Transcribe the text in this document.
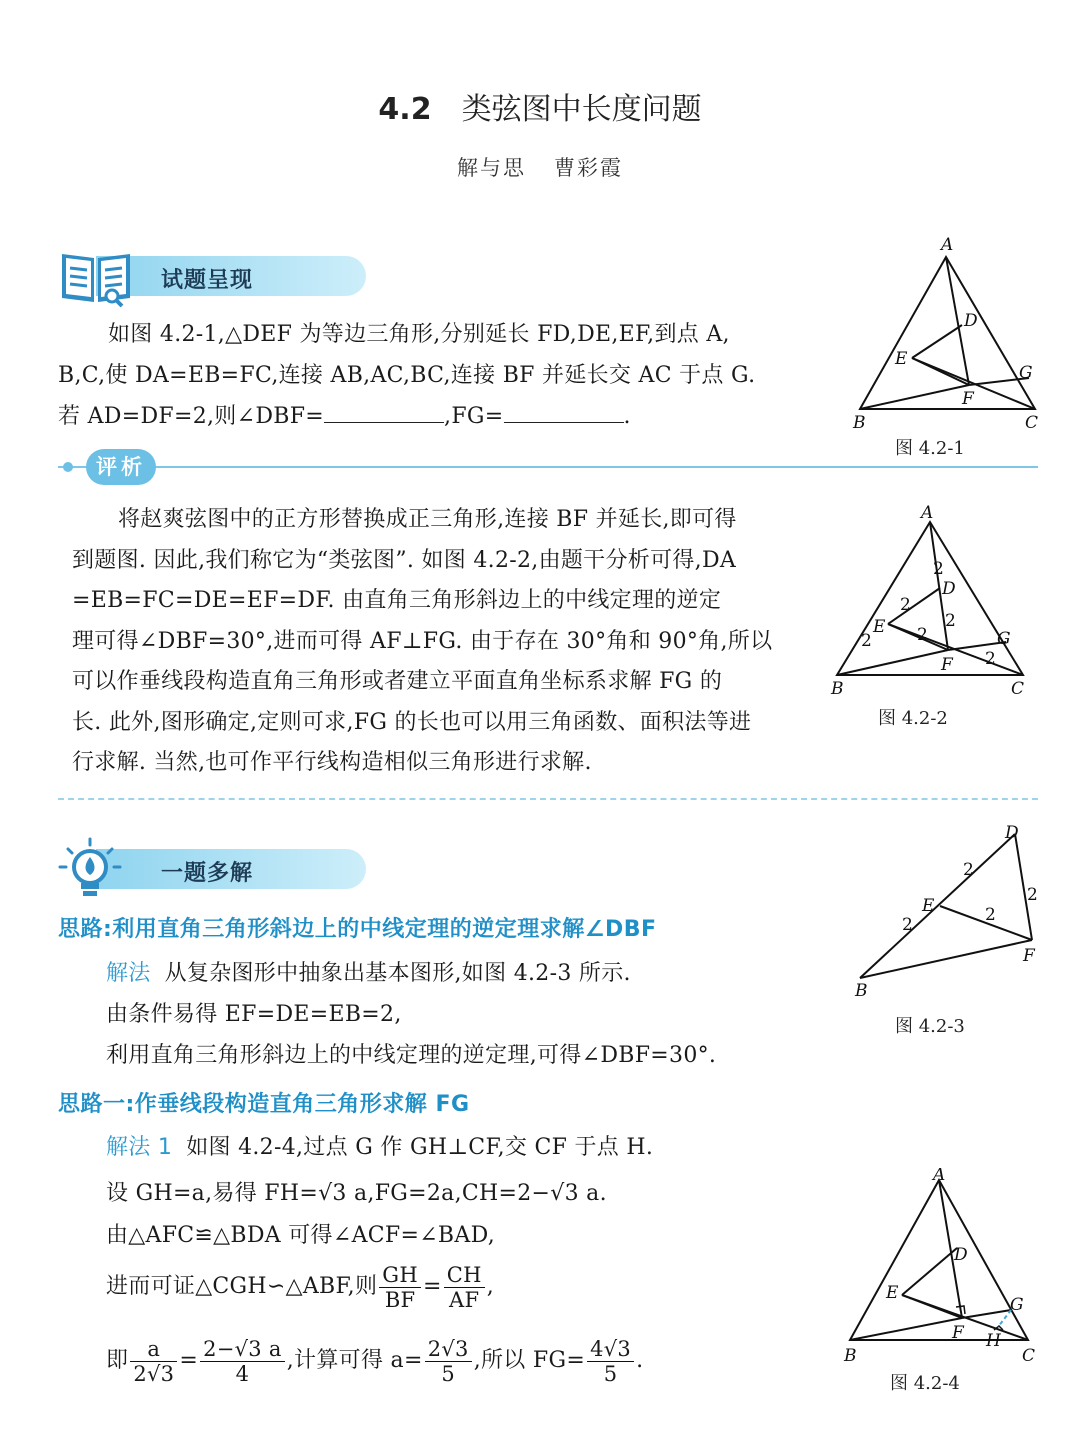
4.2 类弦图中长度问题
解与思 曹彩霞
试题呈现
如图 4.2-1,△DEF 为等边三角形,分别延长 FD,DE,EF,到点 A,
B,C,使 DA=EB=FC,连接 AB,AC,BC,连接 BF 并延长交 AC 于点 G.
若 AD=DF=2,则∠DBF=	,FG=	.
A
B	C
D
E
F
G
图 4.2-1
评析
将赵爽弦图中的正方形替换成正三角形,连接 BF 并延长,即可得
到题图. 因此,我们称它为“类弦图”. 如图 4.2-2,由题干分析可得,DA
=EB=FC=DE=EF=DF. 由直角三角形斜边上的中线定理的逆定
理可得∠DBF=30°,进而可得 AF⊥FG. 由于存在 30°角和 90°角,所以
可以作垂线段构造直角三角形或者建立平面直角坐标系求解 FG 的
长. 此外,图形确定,定则可求,FG 的长也可以用三角函数、面积法等进
行求解. 当然,也可作平行线构造相似三角形进行求解.
A
B	C
D
E
F
G
2
2
2
2
2
2
图 4.2-2
一题多解
思路:利用直角三角形斜边上的中线定理的逆定理求解∠DBF
解法 从复杂图形中抽象出基本图形,如图 4.2-3 所示.
由条件易得 EF=DE=EB=2,
利用直角三角形斜边上的中线定理的逆定理,可得∠DBF=30°.
D
E
F
B
2
2
2
2
图 4.2-3
思路一:作垂线段构造直角三角形求解 FG
解法 1 如图 4.2-4,过点 G 作 GH⊥CF,交 CF 于点 H.
设 GH=a,易得 FH=√3 a,FG=2a,CH=2−√3 a.
由△AFC≌△BDA 可得∠ACF=∠BAD,
进而可证△CGH∽△ABF,则 $\frac{GH}{BF} = \frac{CH}{AF}$ ,
即 $\frac{a}{2√3} = \frac{2-√3 a}{4}$ ,计算可得 $a= \frac{2√3}{5}$ ,所以 $FG= \frac{4√3}{5}$ .
A
B	C
D
E
F
G
H
图 4.2-4
